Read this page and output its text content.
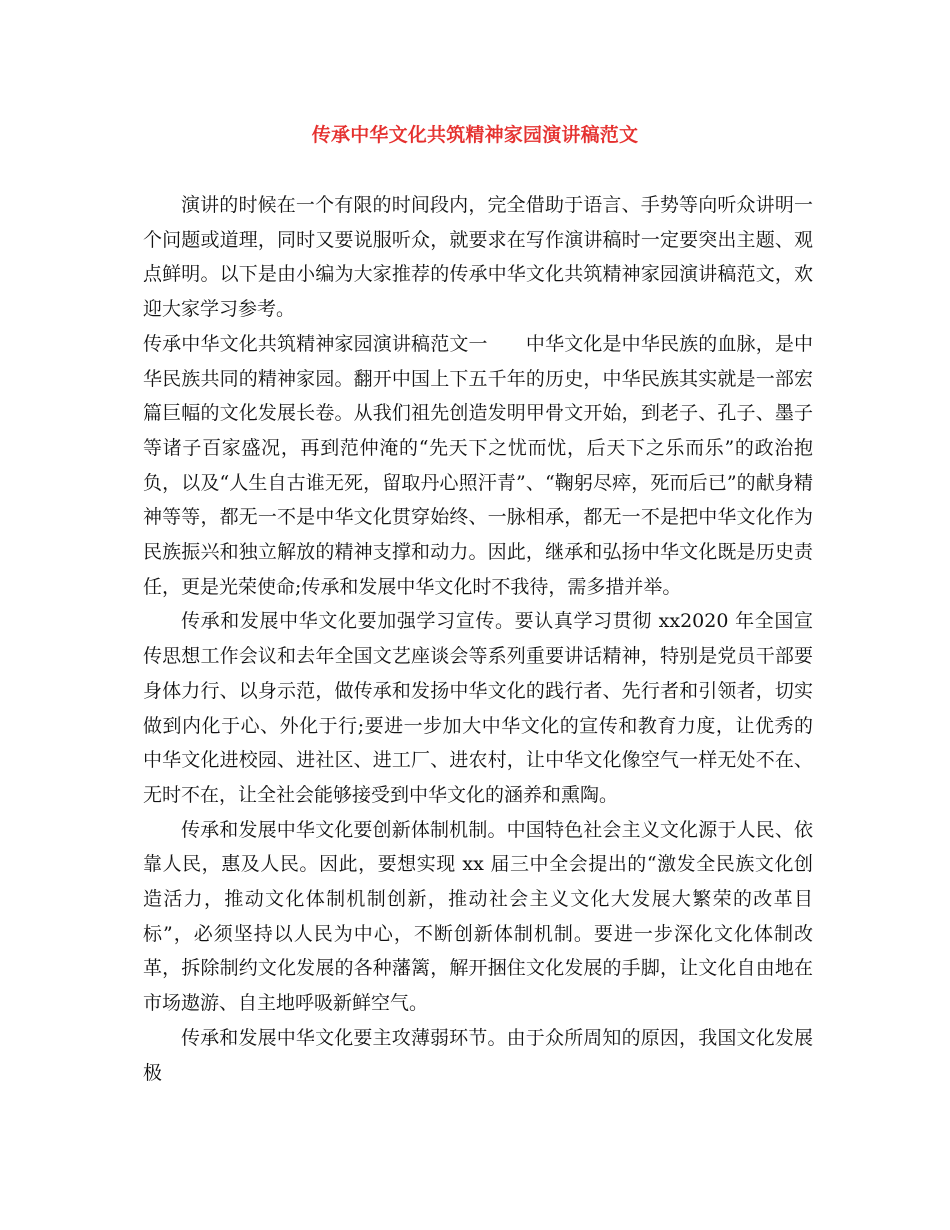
传承中华文化共筑精神家园演讲稿范文

演讲的时候在一个有限的时间段内，完全借助于语言、手势等向听众讲明一个问题或道理，同时又要说服听众，就要求在写作演讲稿时一定要突出主题、观点鲜明。以下是由小编为大家推荐的传承中华文化共筑精神家园演讲稿范文，欢迎大家学习参考。

传承中华文化共筑精神家园演讲稿范文一　　中华文化是中华民族的血脉，是中华民族共同的精神家园。翻开中国上下五千年的历史，中华民族其实就是一部宏篇巨幅的文化发展长卷。从我们祖先创造发明甲骨文开始，到老子、孔子、墨子等诸子百家盛况，再到范仲淹的“先天下之忧而忧，后天下之乐而乐”的政治抱负，以及“人生自古谁无死，留取丹心照汗青”、“鞠躬尽瘁，死而后已”的献身精神等等，都无一不是中华文化贯穿始终、一脉相承，都无一不是把中华文化作为民族振兴和独立解放的精神支撑和动力。因此，继承和弘扬中华文化既是历史责任，更是光荣使命;传承和发展中华文化时不我待，需多措并举。

传承和发展中华文化要加强学习宣传。要认真学习贯彻 xx2020 年全国宣传思想工作会议和去年全国文艺座谈会等系列重要讲话精神，特别是党员干部要身体力行、以身示范，做传承和发扬中华文化的践行者、先行者和引领者，切实做到内化于心、外化于行;要进一步加大中华文化的宣传和教育力度，让优秀的中华文化进校园、进社区、进工厂、进农村，让中华文化像空气一样无处不在、无时不在，让全社会能够接受到中华文化的涵养和熏陶。

传承和发展中华文化要创新体制机制。中国特色社会主义文化源于人民、依靠人民，惠及人民。因此，要想实现 xx 届三中全会提出的“激发全民族文化创造活力，推动文化体制机制创新，推动社会主义文化大发展大繁荣的改革目标”，必须坚持以人民为中心，不断创新体制机制。要进一步深化文化体制改革，拆除制约文化发展的各种藩篱，解开捆住文化发展的手脚，让文化自由地在市场遨游、自主地呼吸新鲜空气。

传承和发展中华文化要主攻薄弱环节。由于众所周知的原因，我国文化发展极
